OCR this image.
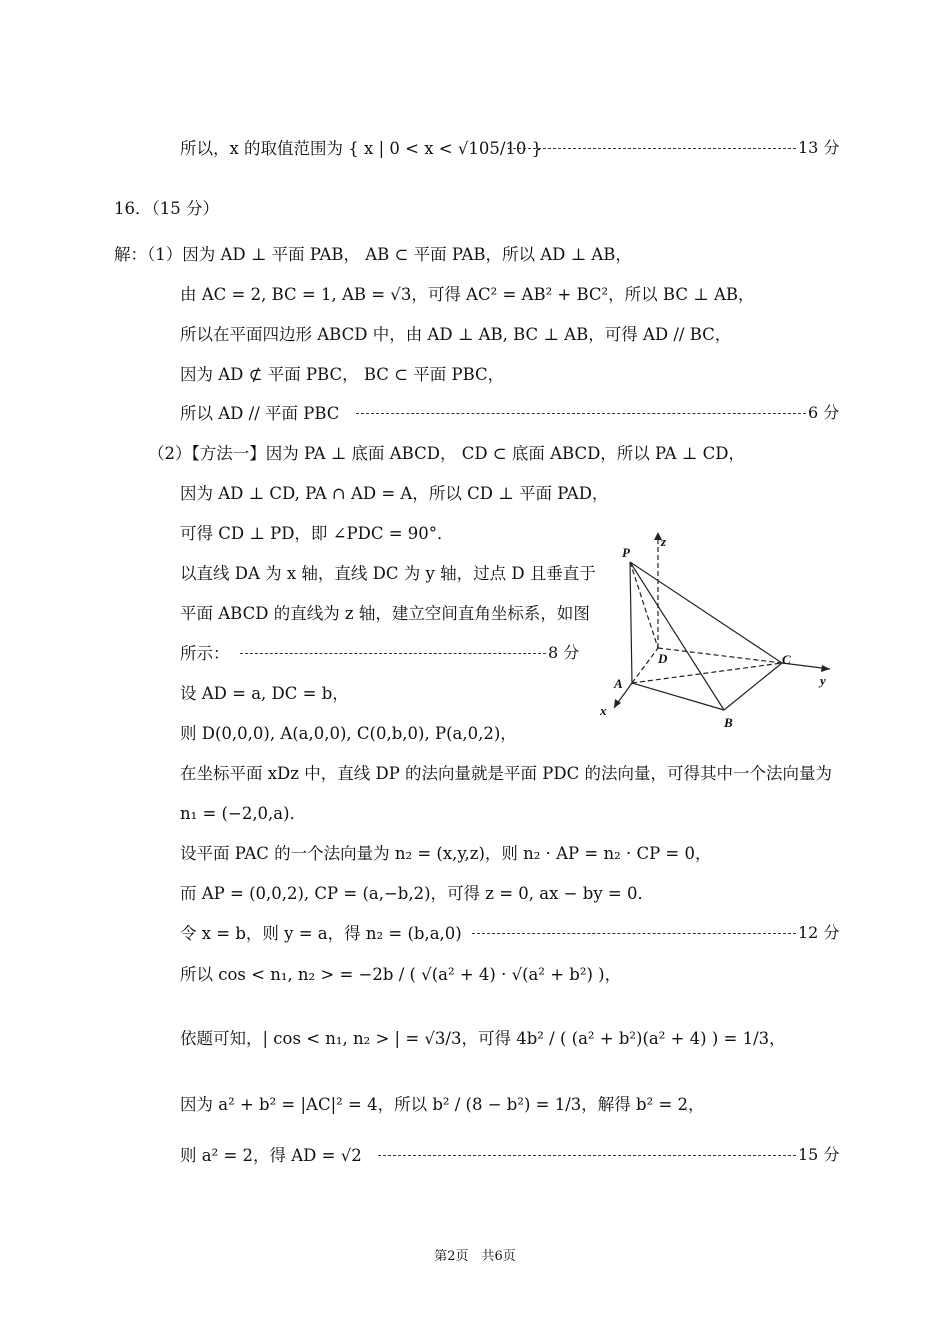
所以，x 的取值范围为 { x | 0 < x < √105/10 }	13 分
16．（15 分）
解：（1）因为 AD ⊥ 平面 PAB， AB ⊂ 平面 PAB，所以 AD ⊥ AB，
由 AC = 2, BC = 1, AB = √3，可得 AC² = AB² + BC²，所以 BC ⊥ AB，
所以在平面四边形 ABCD 中，由 AD ⊥ AB, BC ⊥ AB，可得 AD // BC，
因为 AD ⊄ 平面 PBC， BC ⊂ 平面 PBC，
所以 AD // 平面 PBC	6 分
（2）【方法一】因为 PA ⊥ 底面 ABCD， CD ⊂ 底面 ABCD，所以 PA ⊥ CD，
因为 AD ⊥ CD, PA ∩ AD = A，所以 CD ⊥ 平面 PAD，
可得 CD ⊥ PD，即 ∠PDC = 90°．
以直线 DA 为 x 轴，直线 DC 为 y 轴，过点 D 且垂直于
平面 ABCD 的直线为 z 轴，建立空间直角坐标系，如图
所示：	8 分
设 AD = a, DC = b，
则 D(0,0,0), A(a,0,0), C(0,b,0), P(a,0,2)，
在坐标平面 xDz 中，直线 DP 的法向量就是平面 PDC 的法向量，可得其中一个法向量为
n₁ = (−2,0,a)．
设平面 PAC 的一个法向量为 n₂ = (x,y,z)，则 n₂ · AP = n₂ · CP = 0，
而 AP = (0,0,2), CP = (a,−b,2)，可得 z = 0, ax − by = 0．
令 x = b，则 y = a，得 n₂ = (b,a,0)	12 分
所以 cos < n₁, n₂ > = −2b / ( √(a² + 4) · √(a² + b²) )，
依题可知，| cos < n₁, n₂ > | = √3/3，可得 4b² / ( (a² + b²)(a² + 4) ) = 1/3，
因为 a² + b² = |AC|² = 4，所以 b² / (8 − b²) = 1/3，解得 b² = 2，
则 a² = 2，得 AD = √2	15 分
P
A
B
C
D
x
y
z
第2页　共6页
